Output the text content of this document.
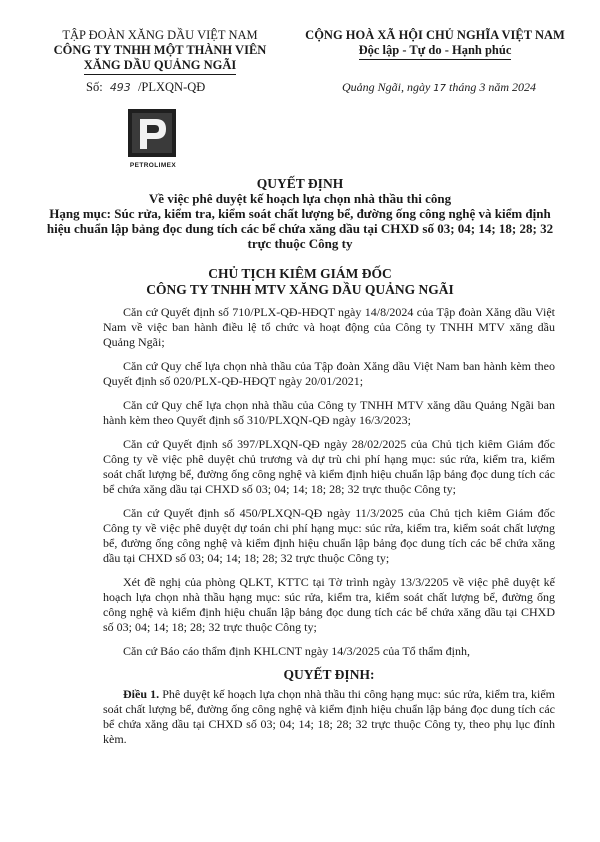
TẬP ĐOÀN XĂNG DẦU VIỆT NAM
CÔNG TY TNHH MỘT THÀNH VIÊN
XĂNG DẦU QUẢNG NGÃI
Số: 493 /PLXQN-QĐ
CỘNG HOÀ XÃ HỘI CHỦ NGHĨA VIỆT NAM
Độc lập - Tự do - Hạnh phúc
Quảng Ngãi, ngày 17 tháng 3 năm 2024
PETROLIMEX
QUYẾT ĐỊNH
Về việc phê duyệt kế hoạch lựa chọn nhà thầu thi công
Hạng mục: Súc rửa, kiểm tra, kiểm soát chất lượng bể, đường ống công nghệ và kiểm định hiệu chuẩn lập bảng đọc dung tích các bể chứa xăng dầu tại CHXD số 03; 04; 14; 18; 28; 32 trực thuộc Công ty
CHỦ TỊCH KIÊM GIÁM ĐỐC
CÔNG TY TNHH MTV XĂNG DẦU QUẢNG NGÃI

Căn cứ Quyết định số 710/PLX-QĐ-HĐQT ngày 14/8/2024 của Tập đoàn Xăng dầu Việt Nam về việc ban hành điều lệ tổ chức và hoạt động của Công ty TNHH MTV xăng dầu Quảng Ngãi;

Căn cứ Quy chế lựa chọn nhà thầu của Tập đoàn Xăng dầu Việt Nam ban hành kèm theo Quyết định số 020/PLX-QĐ-HĐQT ngày 20/01/2021;

Căn cứ Quy chế lựa chọn nhà thầu của Công ty TNHH MTV xăng dầu Quảng Ngãi ban hành kèm theo Quyết định số 310/PLXQN-QĐ ngày 16/3/2023;

Căn cứ Quyết định số 397/PLXQN-QĐ ngày 28/02/2025 của Chủ tịch kiêm Giám đốc Công ty về việc phê duyệt chủ trương và dự trù chi phí hạng mục: súc rửa, kiểm tra, kiểm soát chất lượng bể, đường ống công nghệ và kiểm định hiệu chuẩn lập bảng đọc dung tích các bể chứa xăng dầu tại CHXD số 03; 04; 14; 18; 28; 32 trực thuộc Công ty;

Căn cứ Quyết định số 450/PLXQN-QĐ ngày 11/3/2025 của Chủ tịch kiêm Giám đốc Công ty về việc phê duyệt dự toán chi phí hạng mục: súc rửa, kiểm tra, kiểm soát chất lượng bể, đường ống công nghệ và kiểm định hiệu chuẩn lập bảng đọc dung tích các bể chứa xăng dầu tại CHXD số 03; 04; 14; 18; 28; 32 trực thuộc Công ty;

Xét đề nghị của phòng QLKT, KTTC tại Tờ trình ngày 13/3/2205 về việc phê duyệt kế hoạch lựa chọn nhà thầu hạng mục: súc rửa, kiểm tra, kiểm soát chất lượng bể, đường ống công nghệ và kiểm định hiệu chuẩn lập bảng đọc dung tích các bể chứa xăng dầu tại CHXD số 03; 04; 14; 18; 28; 32 trực thuộc Công ty;

Căn cứ Báo cáo thẩm định KHLCNT ngày 14/3/2025 của Tổ thẩm định,

QUYẾT ĐỊNH:

Điều 1. Phê duyệt kế hoạch lựa chọn nhà thầu thi công hạng mục: súc rửa, kiểm tra, kiểm soát chất lượng bể, đường ống công nghệ và kiểm định hiệu chuẩn lập bảng đọc dung tích các bể chứa xăng dầu tại CHXD số 03; 04; 14; 18; 28; 32 trực thuộc Công ty, theo phụ lục đính kèm.
